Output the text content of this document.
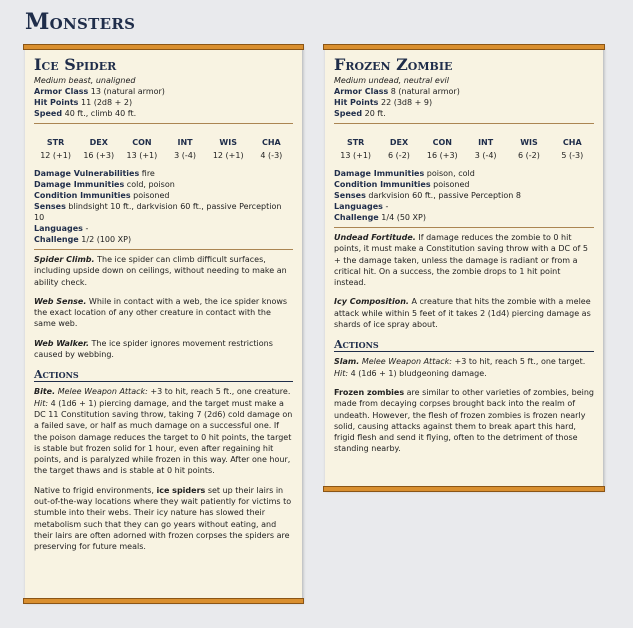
Monsters
Ice Spider
Medium beast, unaligned
Armor Class 13 (natural armor)
Hit Points 11 (2d8 + 2)
Speed 40 ft., climb 40 ft.
STR
12 (+1)
DEX
16 (+3)
CON
13 (+1)
INT
3 (-4)
WIS
12 (+1)
CHA
4 (-3)
Damage Vulnerabilities fire
Damage Immunities cold, poison
Condition Immunities poisoned
Senses blindsight 10 ft., darkvision 60 ft., passive Perception 10
Languages -
Challenge 1/2 (100 XP)

Spider Climb. The ice spider can climb difficult surfaces, including upside down on ceilings, without needing to make an ability check.

Web Sense. While in contact with a web, the ice spider knows the exact location of any other creature in contact with the same web.

Web Walker. The ice spider ignores movement restrictions caused by webbing.

Actions

Bite. Melee Weapon Attack: +3 to hit, reach 5 ft., one creature. Hit: 4 (1d6 + 1) piercing damage, and the target must make a DC 11 Constitution saving throw, taking 7 (2d6) cold damage on a failed save, or half as much damage on a successful one. If the poison damage reduces the target to 0 hit points, the target is stable but frozen solid for 1 hour, even after regaining hit points, and is paralyzed while frozen in this way. After one hour, the target thaws and is stable at 0 hit points.

Native to frigid environments, ice spiders set up their lairs in out-of-the-way locations where they wait patiently for victims to stumble into their webs. Their icy nature has slowed their metabolism such that they can go years without eating, and their lairs are often adorned with frozen corpses the spiders are preserving for future meals.

Frozen Zombie
Medium undead, neutral evil
Armor Class 8 (natural armor)
Hit Points 22 (3d8 + 9)
Speed 20 ft.
STR
13 (+1)
DEX
6 (-2)
CON
16 (+3)
INT
3 (-4)
WIS
6 (-2)
CHA
5 (-3)
Damage Immunities poison, cold
Condition Immunities poisoned
Senses darkvision 60 ft., passive Perception 8
Languages -
Challenge 1/4 (50 XP)

Undead Fortitude. If damage reduces the zombie to 0 hit points, it must make a Constitution saving throw with a DC of 5 + the damage taken, unless the damage is radiant or from a critical hit. On a success, the zombie drops to 1 hit point instead.

Icy Composition. A creature that hits the zombie with a melee attack while within 5 feet of it takes 2 (1d4) piercing damage as shards of ice spray about.

Actions

Slam. Melee Weapon Attack: +3 to hit, reach 5 ft., one target.
Hit: 4 (1d6 + 1) bludgeoning damage.

Frozen zombies are similar to other varieties of zombies, being made from decaying corpses brought back into the realm of undeath. However, the flesh of frozen zombies is frozen nearly solid, causing attacks against them to break apart this hard, frigid flesh and send it flying, often to the detriment of those standing nearby.
